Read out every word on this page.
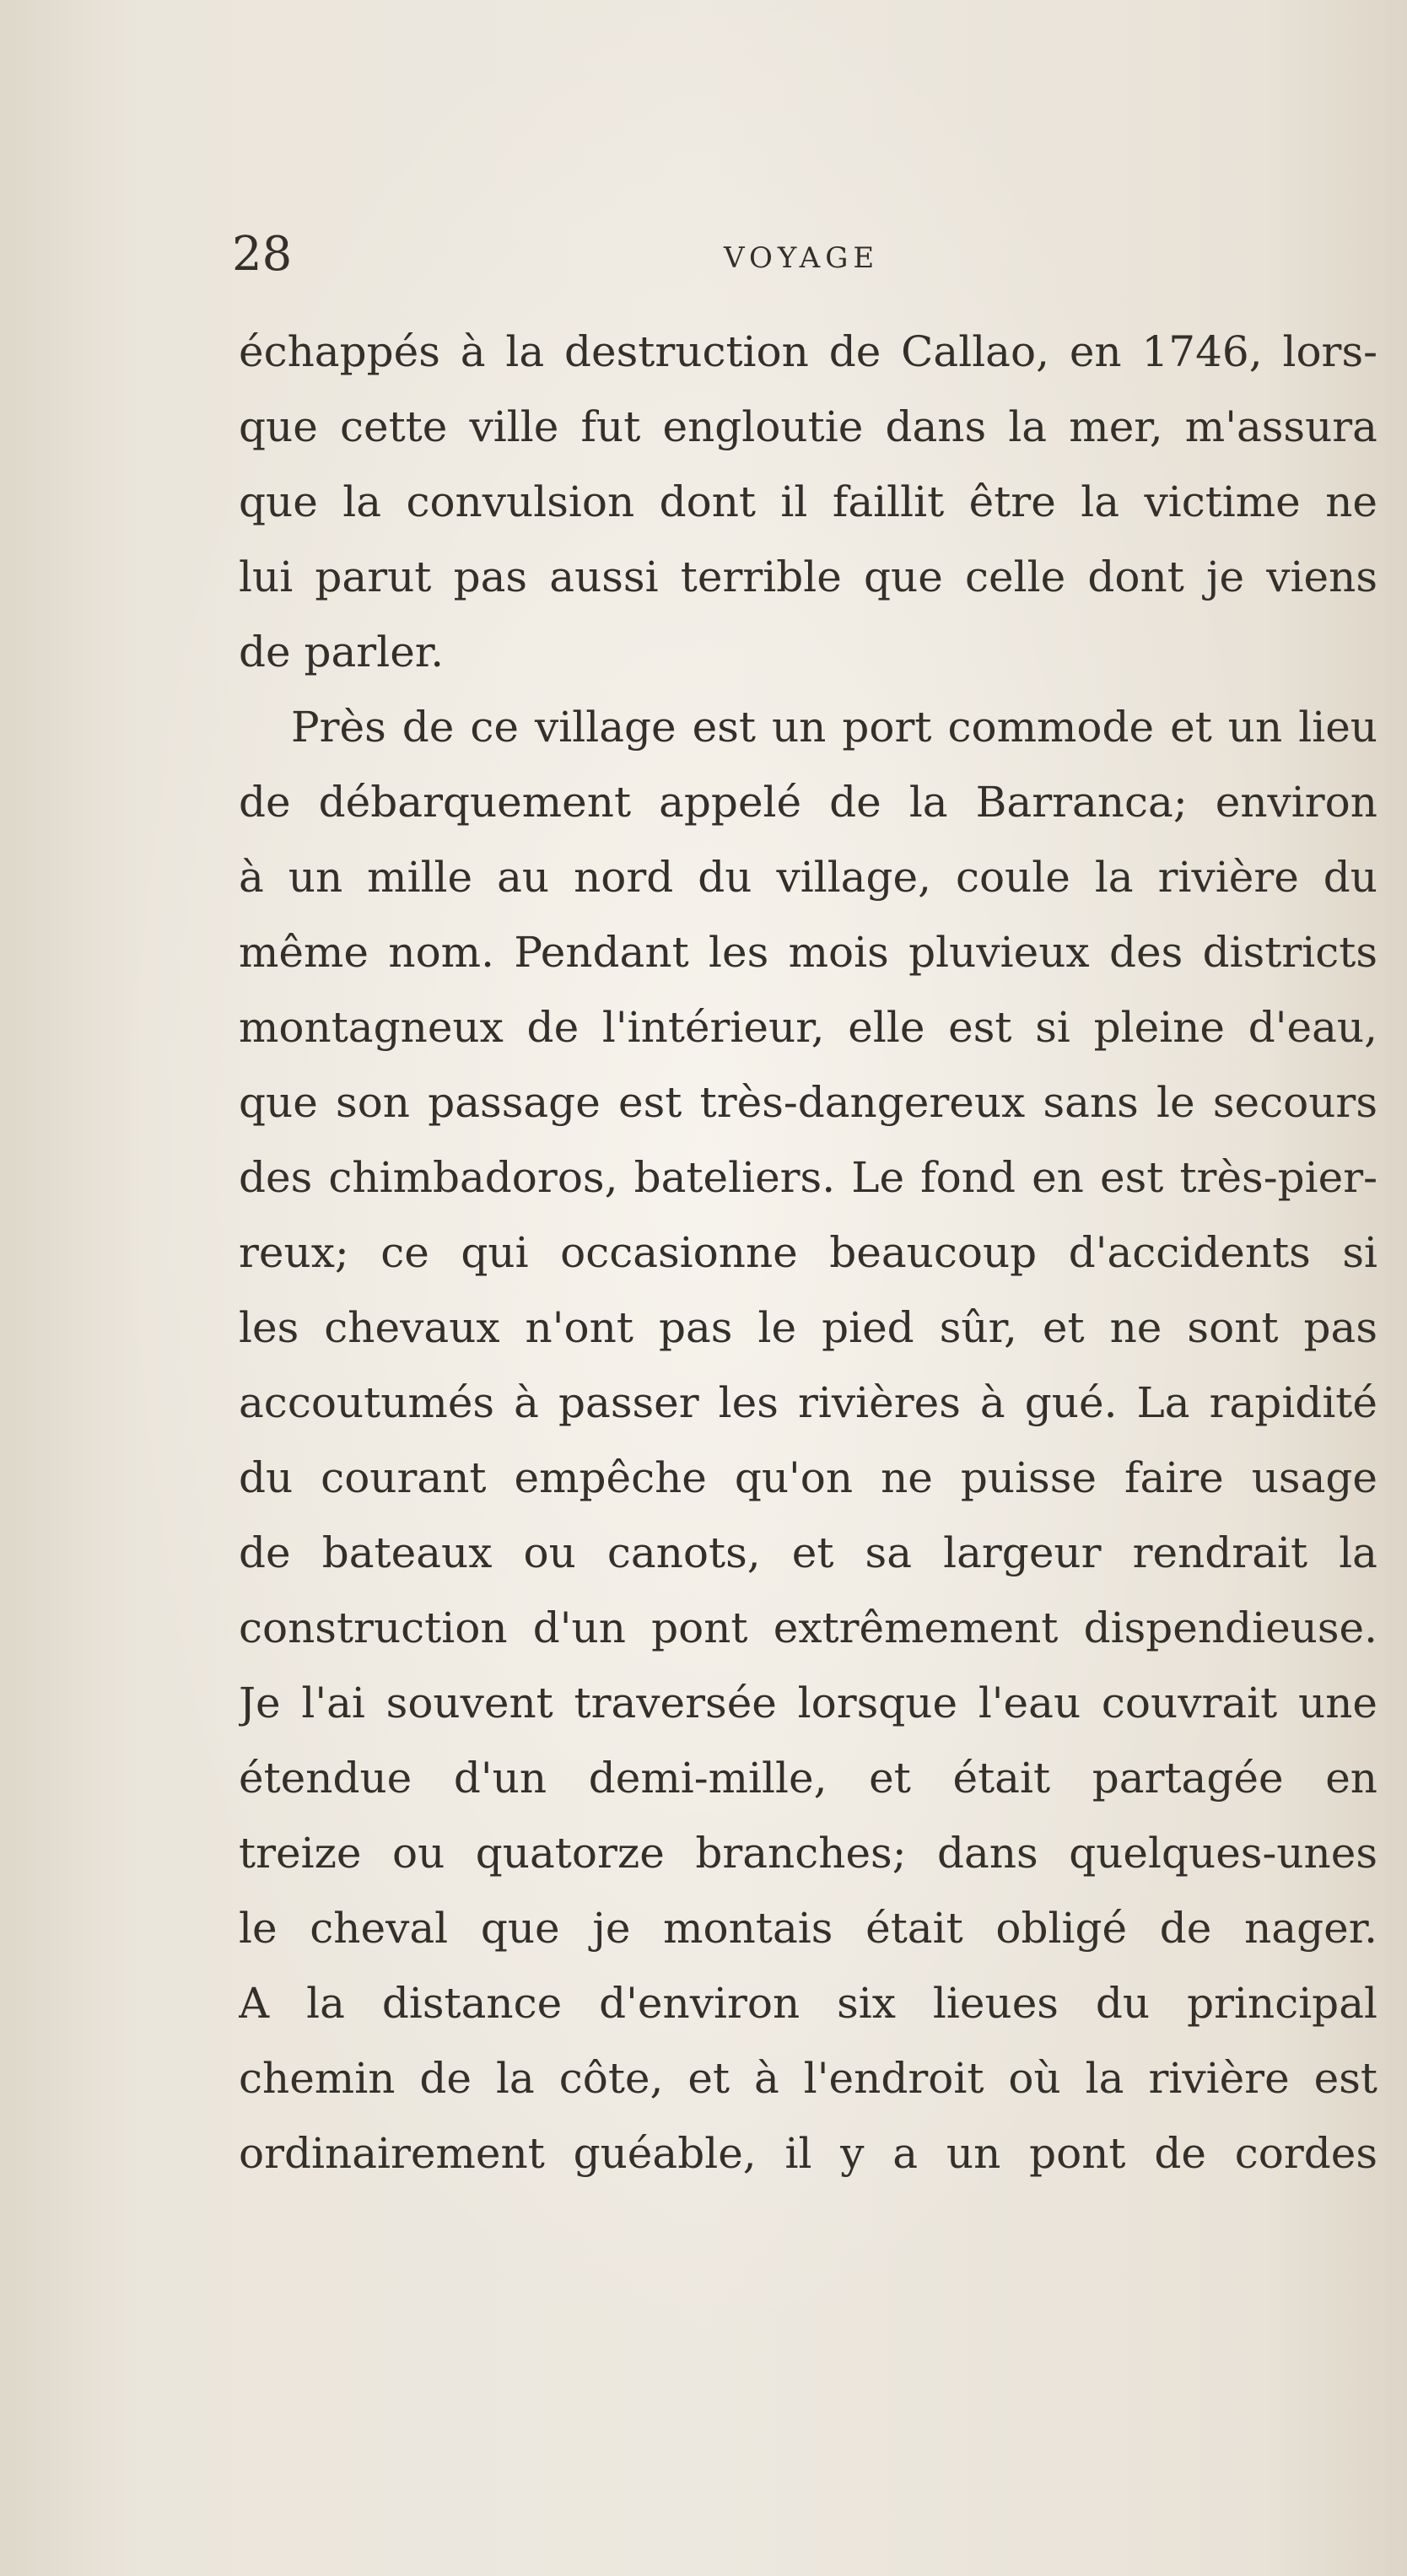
28	VOYAGE
échappés à la destruction de Callao, en 1746, lors-
que cette ville fut engloutie dans la mer, m'assura
que la convulsion dont il faillit être la victime ne
lui parut pas aussi terrible que celle dont je viens
de parler.
Près de ce village est un port commode et un lieu
de débarquement appelé de la Barranca; environ
à un mille au nord du village, coule la rivière du
même nom. Pendant les mois pluvieux des districts
montagneux de l'intérieur, elle est si pleine d'eau,
que son passage est très-dangereux sans le secours
des chimbadoros, bateliers. Le fond en est très-pier-
reux; ce qui occasionne beaucoup d'accidents si
les chevaux n'ont pas le pied sûr, et ne sont pas
accoutumés à passer les rivières à gué. La rapidité
du courant empêche qu'on ne puisse faire usage
de bateaux ou canots, et sa largeur rendrait la
construction d'un pont extrêmement dispendieuse.
Je l'ai souvent traversée lorsque l'eau couvrait une
étendue d'un demi-mille, et était partagée en
treize ou quatorze branches; dans quelques-unes
le cheval que je montais était obligé de nager.
A la distance d'environ six lieues du principal
chemin de la côte, et à l'endroit où la rivière est
ordinairement guéable, il y a un pont de cordes
